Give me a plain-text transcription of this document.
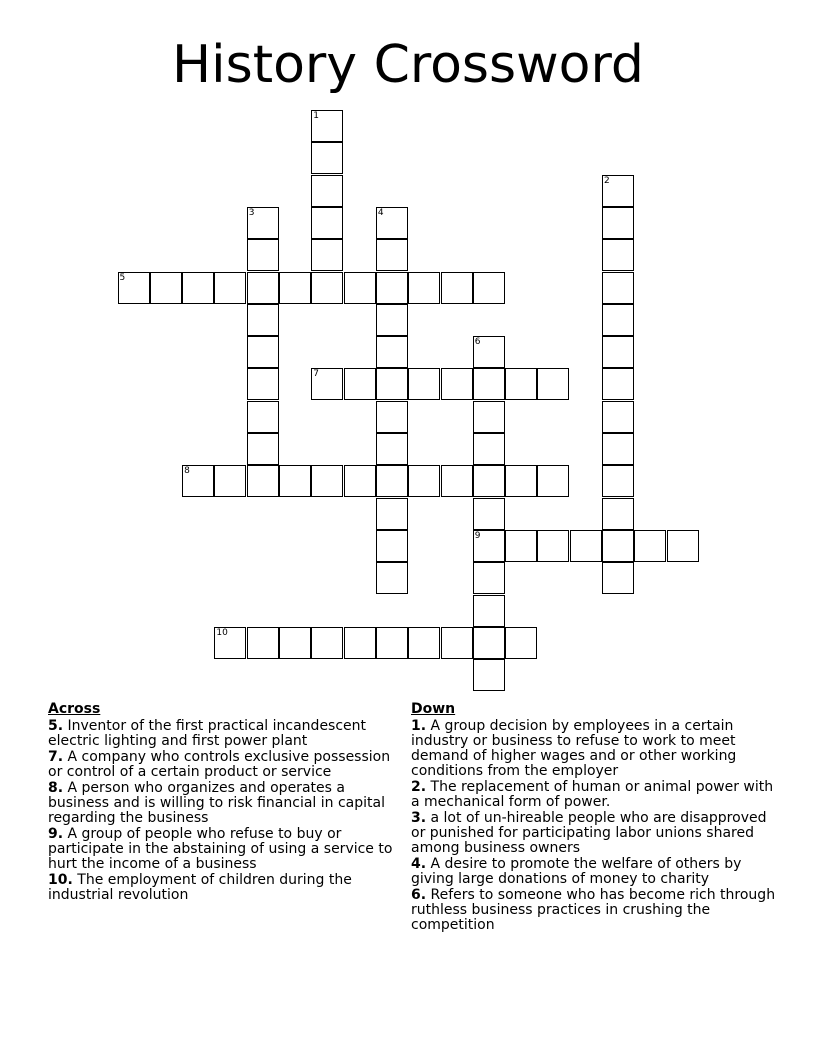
History Crossword
1
2
3	4
5
6
9
7
8
10
Across
5. Inventor of the first practical incandescent electric lighting and first power plant
7. A company who controls exclusive possession or control of a certain product or service
8. A person who organizes and operates a business and is willing to risk financial in capital regarding the business
9. A group of people who refuse to buy or participate in the abstaining of using a service to hurt the income of a business
10. The employment of children during the industrial revolution
Down
1. A group decision by employees in a certain industry or business to refuse to work to meet demand of higher wages and or other working conditions from the employer
2. The replacement of human or animal power with a mechanical form of power.
3. a lot of un-hireable people who are disapproved or punished for participating labor unions shared among business owners
4. A desire to promote the welfare of others by giving large donations of money to charity
6. Refers to someone who has become rich through ruthless business practices in crushing the competition
